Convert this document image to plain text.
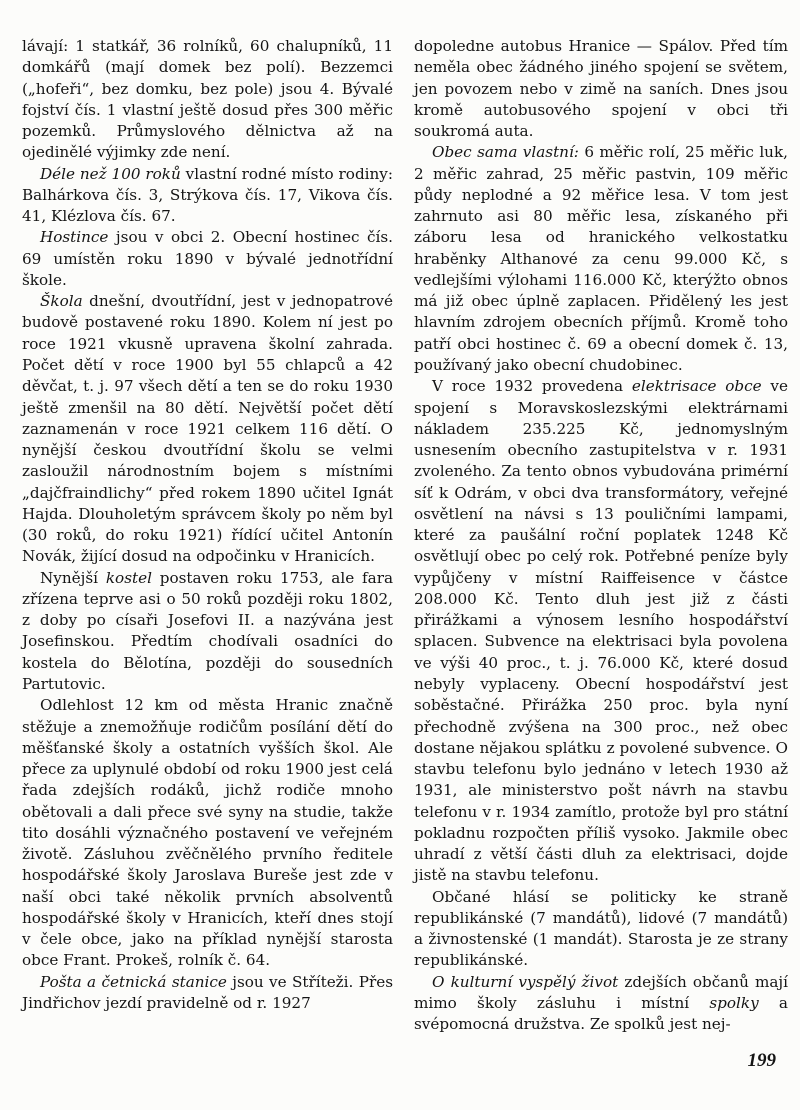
lávají: 1 statkář, 36 rolníků, 60 chalupníků, 11 domkářů (mají domek bez polí). Bezzemci („hofeři“, bez domku, bez pole) jsou 4. Bývalé fojství čís. 1 vlastní ještě dosud přes 300 měřic pozemků. Průmyslového dělnictva až na ojedinělé výjimky zde není.

Déle než 100 roků vlastní rodné místo rodiny: Balhárkova čís. 3, Strýkova čís. 17, Vikova čís. 41, Klézlova čís. 67.

Hostince jsou v obci 2. Obecní hostinec čís. 69 umístěn roku 1890 v bývalé jednotřídní škole.

Škola dnešní, dvoutřídní, jest v jednopatrové budově postavené roku 1890. Kolem ní jest po roce 1921 vkusně upravena školní zahrada. Počet dětí v roce 1900 byl 55 chlapců a 42 děvčat, t. j. 97 všech dětí a ten se do roku 1930 ještě zmenšil na 80 dětí. Největší počet dětí zaznamenán v roce 1921 celkem 116 dětí. O nynější českou dvoutřídní školu se velmi zasloužil národnostním bojem s místními „dajčfraindlichy“ před rokem 1890 učitel Ignát Hajda. Dlouholetým správcem školy po něm byl (30 roků, do roku 1921) řídící učitel Antonín Novák, žijící dosud na odpočinku v Hranicích.

Nynější kostel postaven roku 1753, ale fara zřízena teprve asi o 50 roků později roku 1802, z doby po císaři Josefovi II. a nazývána jest Josefinskou. Předtím chodívali osadníci do kostela do Bělotína, později do sousedních Partutovic.

Odlehlost 12 km od města Hranic značně stěžuje a znemožňuje rodičům posílání dětí do měšťanské školy a ostatních vyšších škol. Ale přece za uplynulé období od roku 1900 jest celá řada zdejších rodáků, jichž rodiče mnoho obětovali a dali přece své syny na studie, takže tito dosáhli význačného postavení ve veřejném životě. Zásluhou zvěčnělého prvního ředitele hospodářské školy Jaroslava Bureše jest zde v naší obci také několik prvních absolventů hospodářské školy v Hranicích, kteří dnes stojí v čele obce, jako na příklad nynější starosta obce Frant. Prokeš, rolník č. 64.

Pošta a četnická stanice jsou ve Stříteži. Přes Jindřichov jezdí pravidelně od r. 1927

dopoledne autobus Hranice — Spálov. Před tím neměla obec žádného jiného spojení se světem, jen povozem nebo v zimě na saních. Dnes jsou kromě autobusového spojení v obci tři soukromá auta.

Obec sama vlastní: 6 měřic rolí, 25 měřic luk, 2 měřic zahrad, 25 měřic pastvin, 109 měřic půdy neplodné a 92 měřice lesa. V tom jest zahrnuto asi 80 měřic lesa, získaného při záboru lesa od hranického velkostatku hraběnky Althanové za cenu 99.000 Kč, s vedlejšími výlohami 116.000 Kč, kterýžto obnos má již obec úplně zaplacen. Přidělený les jest hlavním zdrojem obecních příjmů. Kromě toho patří obci hostinec č. 69 a obecní domek č. 13, používaný jako obecní chudobinec.

V roce 1932 provedena elektrisace obce ve spojení s Moravskoslezskými elektrárnami nákladem 235.225 Kč, jednomyslným usnesením obecního zastupitelstva v r. 1931 zvoleného. Za tento obnos vybudována primérní síť k Odrám, v obci dva transformátory, veřejné osvětlení na návsi s 13 pouličními lampami, které za paušální roční poplatek 1248 Kč osvětlují obec po celý rok. Potřebné peníze byly vypůjčeny v místní Raiffeisence v částce 208.000 Kč. Tento dluh jest již z části přirážkami a výnosem lesního hospodářství splacen. Subvence na elektrisaci byla povolena ve výši 40 proc., t. j. 76.000 Kč, které dosud nebyly vyplaceny. Obecní hospodářství jest soběstačné. Přirážka 250 proc. byla nyní přechodně zvýšena na 300 proc., než obec dostane nějakou splátku z povolené subvence. O stavbu telefonu bylo jednáno v letech 1930 až 1931, ale ministerstvo pošt návrh na stavbu telefonu v r. 1934 zamítlo, protože byl pro státní pokladnu rozpočten příliš vysoko. Jakmile obec uhradí z větší části dluh za elektrisaci, dojde jistě na stavbu telefonu.

Občané hlásí se politicky ke straně republikánské (7 mandátů), lidové (7 mandátů) a živnostenské (1 mandát). Starosta je ze strany republikánské.

O kulturní vyspělý život zdejších občanů mají mimo školy zásluhu i místní spolky a svépomocná družstva. Ze spolků jest nej-

199
